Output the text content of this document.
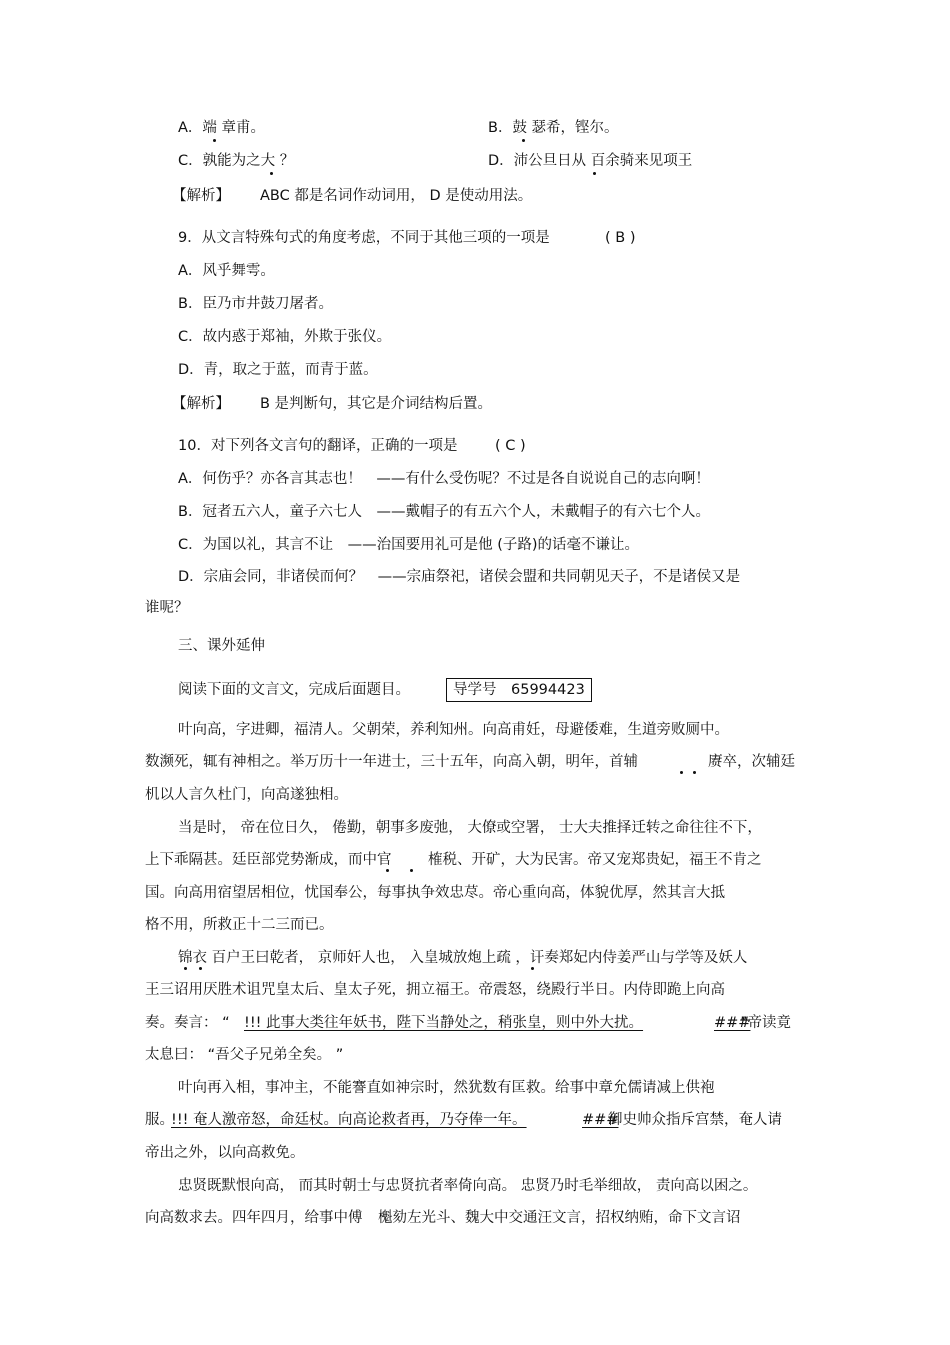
A．端 章甫。	B．鼓 瑟希，铿尔。
C．孰能为之大 ？	D．沛公旦日从 百余骑来见项王
【解析】 ABC 都是名词作动词用， D 是使动用法。
9．从文言特殊句式的角度考虑，不同于其他三项的一项是	( B )
A．风乎舞雩。
B．臣乃市井鼓刀屠者。
C．故内惑于郑袖，外欺于张仪。
D．青，取之于蓝，而青于蓝。
【解析】 B 是判断句，其它是介词结构后置。
10．对下列各文言句的翻译，正确的一项是	( C )
A．何伤乎？亦各言其志也！　——有什么受伤呢？不过是各自说说自己的志向啊！
B．冠者五六人，童子六七人　——戴帽子的有五六个人，未戴帽子的有六七个人。
C．为国以礼，其言不让　——治国要用礼可是他 (子路)的话毫不谦让。
D．宗庙会同，非诸侯而何？　——宗庙祭祀，诸侯会盟和共同朝见天子，不是诸侯又是
谁呢？
三、课外延伸
阅读下面的文言文，完成后面题目。	导学号　65994423
叶向高，字进卿，福清人。父朝荣，养利知州。向高甫妊，母避倭难，生道旁败厕中。
数濒死，辄有神相之。举万历十一年进士，三十五年，向高入朝，明年，首辅	赓卒，次辅廷
机以人言久杜门，向高遂独相。
当是时， 帝在位日久， 倦勤，朝事多废弛， 大僚或空署， 士大夫推择迁转之命往往不下，
上下乖隔甚。廷臣部党势渐成，而中官	榷税、开矿，大为民害。帝又宠郑贵妃，福王不肯之
国。向高用宿望居相位，忧国奉公，每事执争效忠荩。帝心重向高，体貌优厚，然其言大抵
格不用，所救正十二三而已。
锦衣 百户王曰乾者， 京师奸人也， 入皇城放炮上疏 ，讦奏郑妃内侍姜严山与学等及妖人
王三诏用厌胜术诅咒皇太后、皇太子死，拥立福王。帝震怒，绕殿行半日。内侍即跪上向高
奏。奏言： “ !!! 此事大类往年妖书，陛下当静处之，稍张皇，则中外大扰。	###
”帝读竟
太息曰： “吾父子兄弟全矣。 ”
叶向再入相，事冲主，不能謇直如神宗时，然犹数有匡救。给事中章允儒请减上供袍
服。
!!! 奄人激帝怒，命廷杖。向高论救者再，乃夺俸一年。	###
御史帅众指斥宫禁，奄人请
帝出之外，以向高救免。
忠贤既默恨向高， 而其时朝士与忠贤抗者率倚向高。 忠贤乃时毛举细故， 责向高以困之。
向高数求去。四年四月，给事中傅 櫆劾左光斗、魏大中交通汪文言，招权纳贿，命下文言诏
